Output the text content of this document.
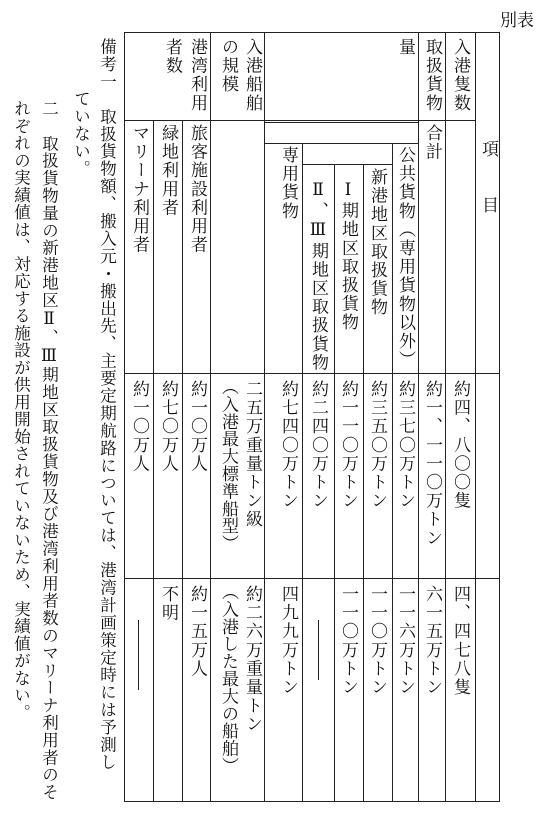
別表
項　　目
入港隻数
約四、八〇〇隻
四、四七八隻
取扱貨物
量
合計
約一、一一〇万トン
六一五万トン
公共貨物（専用貨物以外）
約三七〇万トン
一一六万トン
新港地区取扱貨物
約三五〇万トン
一一〇万トン
Ⅰ期地区取扱貨物
約一一〇万トン
一一〇万トン
Ⅱ、Ⅲ期地区取扱貨物
約二四〇万トン
専用貨物
約七四〇万トン
四九九万トン
入港船舶
の規模
二五万重量トン級
（入港最大標準船型）
約二六万重量トン
（入港した最大の船舶）
港湾利用
者数
旅客施設利用者
約一〇万人
約一五万人
緑地利用者
約七〇万人
不明
マリーナ利用者
約一〇万人
備考一　取扱貨物額、搬入元・搬出先、主要定期航路については、港湾計画策定時には予測し
ていない。
二　取扱貨物量の新港地区Ⅱ、Ⅲ期地区取扱貨物及び港湾利用者数のマリーナ利用者のそ
れぞれの実績値は、対応する施設が供用開始されていないため、実績値がない。
